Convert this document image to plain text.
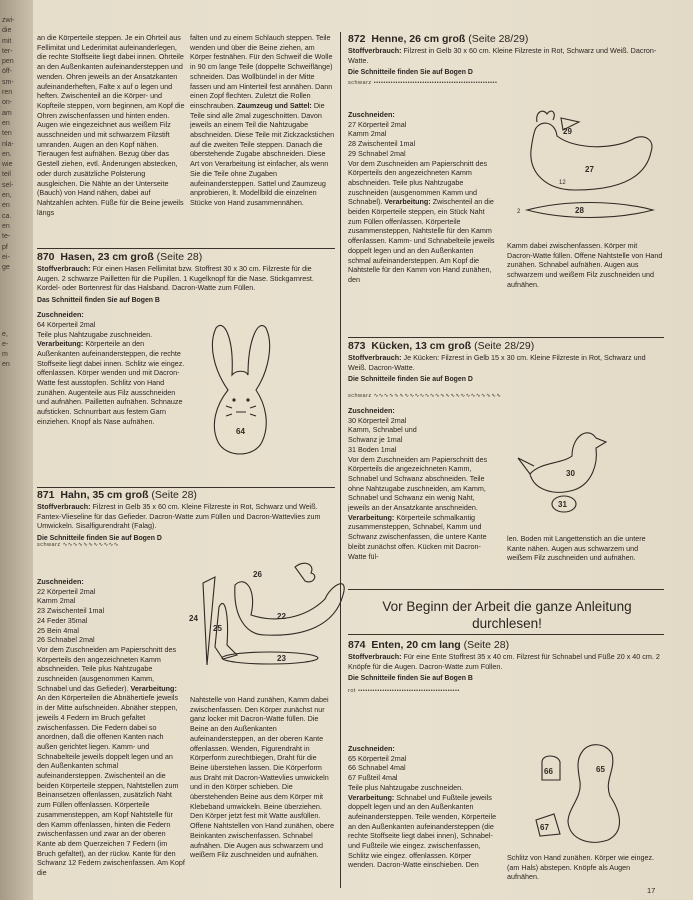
zwi-
die
mit
ter-
pen
öff-
sm-
ren
on-
am
en
ten
nla-
en.
wie
teil
sel-
en,
en
ca.
en
te-
pf
ei-
ge
e,
e-
m
en
an die Körperteile steppen. Je ein Ohrteil aus Fellimitat und Lederimitat aufeinanderlegen, die rechte Stoffseite liegt dabei innen. Ohrteile an den Außenkanten aufeinandersteppen und wenden. Ohren jeweils an der Ansatzkanten aufeinanderheften, Falte x auf o legen und heften. Zwischenteil an die Körper- und Kopfteile steppen, vorn beginnen, am Kopf die Ohren zwischenfassen und hinten enden. Augen wie eingezeichnet aus weißem Filz ausschneiden und mit schwarzem Filzstift umranden. Augen an den Kopf nähen. Tieraugen fest aufnähen. Bezug über das Gestell ziehen, evtl. Änderungen abstecken, oder durch zusätzliche Polsterung ausgleichen. Die Nähte an der Unterseite (Bauch) von Hand nähen, dabei auf Nahtzahlen achten. Füße für die Beine jeweils längs
falten und zu einem Schlauch steppen. Teile wenden und über die Beine ziehen, am Körper festnähen. Für den Schweif die Wolle in 90 cm lange Teile (doppelte Schweiflänge) schneiden. Das Wollbündel in der Mitte fassen und am Hinterteil fest annähen. Dann einen Zopf flechten. Zuletzt die Rollen einschrauben. Zaumzeug und Sattel: Die Teile sind alle 2mal zugeschnitten. Davon jeweils an einem Teil die Nahtzugabe abschneiden. Diese Teile mit Zickzackstichen auf die zweiten Teile steppen. Danach die überstehende Zugabe abschneiden. Diese Art von Verarbeitung ist einfacher, als wenn Sie die Teile ohne Zugaben aufeinandersteppen. Sattel und Zaumzeug anprobieren, lt. Modellbild die einzelnen Stücke von Hand zusammennähen.
870 Hasen, 23 cm groß (Seite 28)
Stoffverbrauch: Für einen Hasen Fellimitat bzw. Stoffrest 30 x 30 cm. Filzreste für die Augen. 2 schwarze Pailletten für die Pupillen. 1 Kugelknopf für die Nase. Stickgarnrest. Kordel- oder Bortenrest für das Halsband. Dacron-Watte zum Füllen.
Das Schnitteil finden Sie auf Bogen B
Zuschneiden:
64 Körperteil 2mal
Teile plus Nahtzugabe zuschneiden.
Verarbeitung: Körperteile an den Außenkanten aufeinandersteppen, die rechte Stoffseite liegt dabei innen. Schlitz wie eingez. offenlassen. Körper wenden und mit Dacron-Watte fest ausstopfen. Schlitz von Hand zunähen. Augenteile aus Filz ausschneiden und aufnähen. Pailletten aufnähen. Schnauze aufsticken. Schnurrbart aus festem Garn einziehen. Knopf als Nase aufnähen.
64
871 Hahn, 35 cm groß (Seite 28)
Stoffverbrauch: Filzrest in Gelb 35 x 60 cm. Kleine Filzreste in Rot, Schwarz und Weiß. Fantex-Vlieseline für das Gefieder. Dacron-Watte zum Füllen und Dacron-Wattevlies zum Umwickeln. Sisalfigurendraht (Falag).
Die Schnitteile finden Sie auf Bogen D
schwarz ∿∿∿∿∿∿∿∿∿∿∿
Zuschneiden:
22 Körperteil 2mal
Kamm 2mal
23 Zwischenteil 1mal
24 Feder 35mal
25 Bein 4mal
26 Schnabel 2mal
Vor dem Zuschneiden am Papierschnitt des Körperteils den angezeichneten Kamm abschneiden. Teile plus Nahtzugabe zuschneiden (ausgenommen Kamm, Schnabel und das Gefieder). Verarbeitung: An den Körperteilen die Abnähertiefe jeweils in der Mitte aufschneiden. Abnäher steppen, jeweils 4 Federn im Bruch gefaltet zwischenfassen. Die Federn dabei so anordnen, daß die offenen Kanten nach außen gerichtet liegen. Kamm- und Schnabelteile jeweils doppelt legen und an den Außenkanten schmal aufeinandersteppen. Zwischenteil an die beiden Körperteile steppen, Nahtstellen zum Beinansetzen offenlassen, zusätzlich Naht zum Füllen offenlassen. Körperteile zusammensteppen, am Kopf Nahtstelle für den Kamm offenlassen, hinten die Federn zwischenfassen und zwar an der oberen Kante ab dem Querzeichen 7 Federn (im Bruch gefaltet), an der rückw. Kante für den Schwanz 12 Federn zwischenfassen. Am Kopf die
24
25
26
22
23
Nahtstelle von Hand zunähen, Kamm dabei zwischenfassen. Den Körper zunächst nur ganz locker mit Dacron-Watte füllen. Die Beine an den Außenkanten aufeinandersteppen, an der oberen Kante offenlassen. Wenden, Figurendraht in Körperform zurechtbiegen, Draht für die Beine überstehen lassen. Die Körperform aus Draht mit Dacron-Wattevlies umwickeln und in den Körper schieben. Die überstehenden Beine aus dem Körper mit Klebeband umwickeln. Beine überziehen. Den Körper jetzt fest mit Watte ausfüllen. Offene Nahtstellen von Hand zunähen, obere Beinkanten zwischenfassen. Schnabel aufnähen. Die Augen aus schwarzem und weißem Filz zuschneiden und aufnähen.
872 Henne, 26 cm groß (Seite 28/29)
Stoffverbrauch: Filzrest in Gelb 30 x 60 cm. Kleine Filzreste in Rot, Schwarz und Weiß. Dacron-Watte.
Die Schnitteile finden Sie auf Bogen D
schwarz •••••••••••••••••••••••••••••••••••••••••••••••••••
Zuschneiden:
27 Körperteil 2mal
Kamm 2mal
28 Zwischenteil 1mal
29 Schnabel 2mal
Vor dem Zuschneiden am Papierschnitt des Körperteils den angezeichneten Kamm abschneiden. Teile plus Nahtzugabe zuschneiden (ausgenommen Kamm und Schnabel). Verarbeitung: Zwischenteil an die beiden Körperteile steppen, ein Stück Naht zum Füllen offenlassen. Körperteile zusammensteppen, Nahtstelle für den Kamm offenlassen. Kamm- und Schnabelteile jeweils doppelt legen und an den Außenkanten schmal aufeinandersteppen. Am Kopf die Nahtstelle für den Kamm von Hand zunähen, den
29
27
12
28
2
Kamm dabei zwischenfassen. Körper mit Dacron-Watte füllen. Offene Nahtstelle von Hand zunähen. Schnabel aufnähen. Augen aus schwarzem und weißem Filz zuschneiden und aufnähen.
873 Kücken, 13 cm groß (Seite 28/29)
Stoffverbrauch: Je Kücken: Filzrest in Gelb 15 x 30 cm. Kleine Filzreste in Rot, Schwarz und Weiß. Dacron-Watte.
Die Schnitteile finden Sie auf Bogen D
schwarz ∿∿∿∿∿∿∿∿∿∿∿∿∿∿∿∿∿∿∿∿∿∿∿∿∿
Zuschneiden:
30 Körperteil 2mal
Kamm, Schnabel und
Schwanz je 1mal
31 Boden 1mal
Vor dem Zuschneiden am Papierschnitt des Körperteils die angezeichneten Kamm, Schnabel und Schwanz abschneiden. Teile ohne Nahtzugabe zuschneiden, am Kamm, Schnabel und Schwanz ein wenig Naht, jeweils an der Ansatzkante anschneiden. Verarbeitung: Körperteile schmalkantig zusammensteppen, Schnabel, Kamm und Schwanz zwischenfassen, die untere Kante bleibt zunächst offen. Kücken mit Dacron-Watte fül-
30
31
len. Boden mit Langettenstich an die untere Kante nähen. Augen aus schwarzem und weißem Filz zuschneiden und aufnähen.
Vor Beginn der Arbeit die ganze Anleitung durchlesen!
874 Enten, 20 cm lang (Seite 28)
Stoffverbrauch: Für eine Ente Stoffrest 35 x 40 cm. Filzrest für Schnabel und Füße 20 x 40 cm. 2 Knöpfe für die Augen. Dacron-Watte zum Füllen.
Die Schnitteile finden Sie auf Bogen B
rot ••••••••••••••••••••••••••••••••••••••••••
Zuschneiden:
65 Körperteil 2mal
66 Schnabel 4mal
67 Fußteil 4mal
Teile plus Nahtzugabe zuschneiden. Verarbeitung: Schnabel und Fußteile jeweils doppelt legen und an den Außenkanten aufeinandersteppen. Teile wenden, Körperteile an den Außenkanten aufeinandersteppen (die rechte Stoffseite liegt dabei innen), Schnabel- und Fußteile wie eingez. zwischenfassen, Schlitz wie eingez. offenlassen. Körper wenden. Dacron-Watte einschieben. Den
65
66
67
Schlitz von Hand zunähen. Körper wie eingez. (am Hals) abstepen. Knöpfe als Augen aufnähen.
17
